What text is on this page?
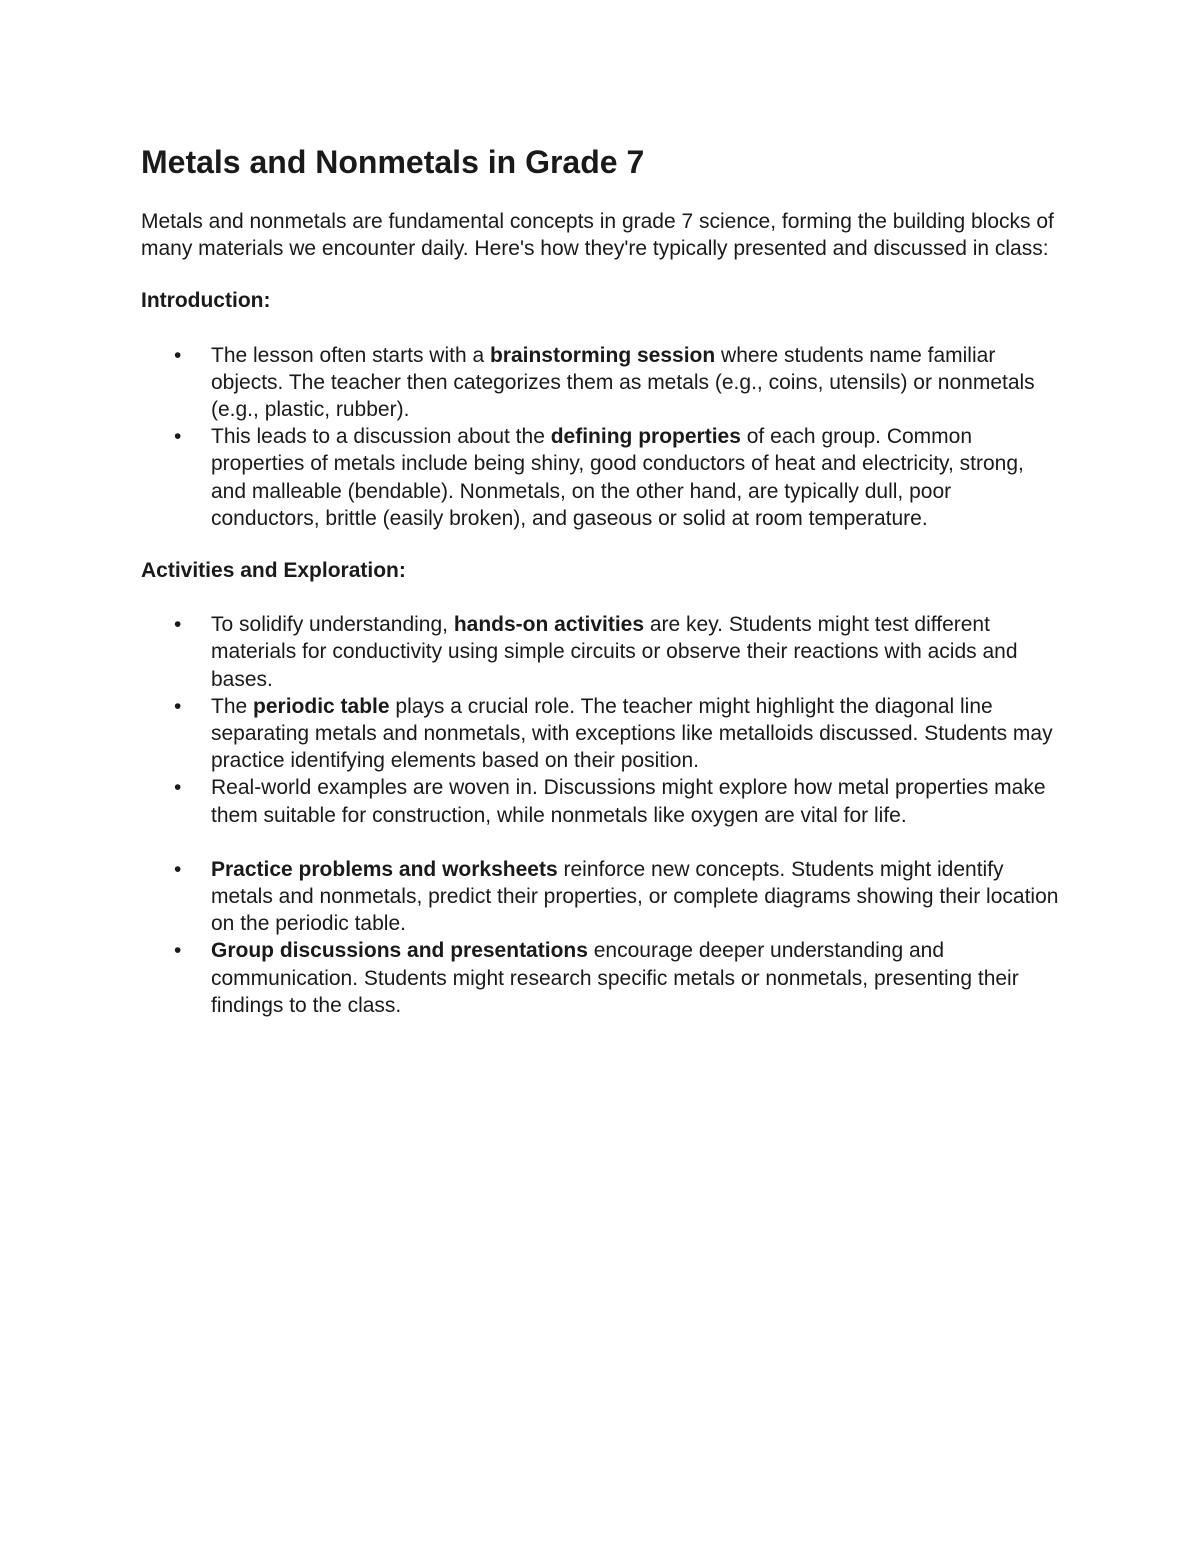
Metals and Nonmetals in Grade 7

Metals and nonmetals are fundamental concepts in grade 7 science, forming the building blocks of many materials we encounter daily. Here's how they're typically presented and discussed in class:

Introduction:
• The lesson often starts with a brainstorming session where students name familiar objects. The teacher then categorizes them as metals (e.g., coins, utensils) or nonmetals (e.g., plastic, rubber).
• This leads to a discussion about the defining properties of each group. Common properties of metals include being shiny, good conductors of heat and electricity, strong, and malleable (bendable). Nonmetals, on the other hand, are typically dull, poor conductors, brittle (easily broken), and gaseous or solid at room temperature.
Activities and Exploration:
• To solidify understanding, hands-on activities are key. Students might test different materials for conductivity using simple circuits or observe their reactions with acids and bases.
• The periodic table plays a crucial role. The teacher might highlight the diagonal line separating metals and nonmetals, with exceptions like metalloids discussed. Students may practice identifying elements based on their position.
• Real-world examples are woven in. Discussions might explore how metal properties make them suitable for construction, while nonmetals like oxygen are vital for life.
• Practice problems and worksheets reinforce new concepts. Students might identify metals and nonmetals, predict their properties, or complete diagrams showing their location on the periodic table.
• Group discussions and presentations encourage deeper understanding and communication. Students might research specific metals or nonmetals, presenting their findings to the class.
